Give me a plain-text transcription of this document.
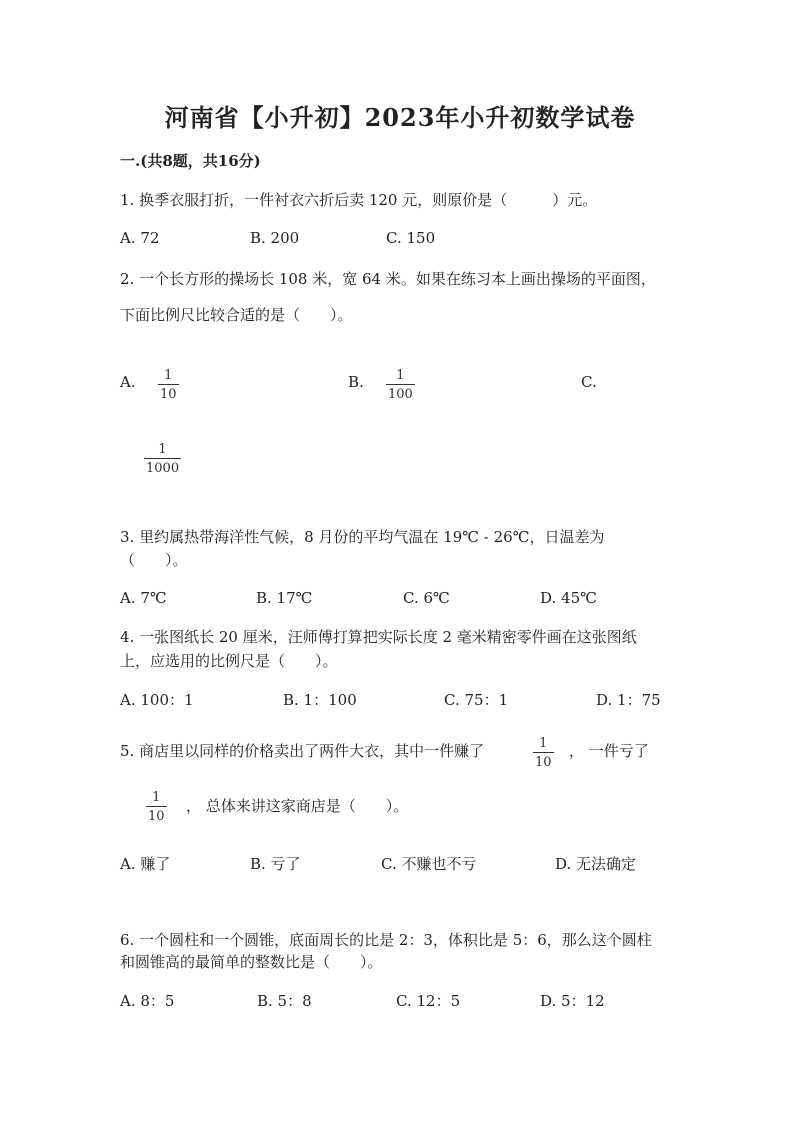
河南省【小升初】2023年小升初数学试卷
一.(共8题，共16分)
1. 换季衣服打折，一件衬衣六折后卖 120 元，则原价是（　　　）元。
A. 72	B. 200	C. 150
2. 一个长方形的操场长 108 米，宽 64 米。如果在练习本上画出操场的平面图，
下面比例尺比较合适的是（　　）。
A. 1
10
B. 1
100
C.
1
1000
3. 里约属热带海洋性气候，8 月份的平均气温在 19℃ - 26℃，日温差为
（　　）。
A. 7℃	B. 17℃	C. 6℃	D. 45℃
4. 一张图纸长 20 厘米，汪师傅打算把实际长度 2 毫米精密零件画在这张图纸
上，应选用的比例尺是（　　）。
A. 100：1	B. 1：100	C. 75：1	D. 1：75
5. 商店里以同样的价格卖出了两件大衣，其中一件赚了	1
10
， 一件亏了
1
10
， 总体来讲这家商店是（　　）。
A. 赚了	B. 亏了	C. 不赚也不亏	D. 无法确定
6. 一个圆柱和一个圆锥，底面周长的比是 2：3，体积比是 5：6，那么这个圆柱
和圆锥高的最简单的整数比是（　　）。
A. 8：5	B. 5：8	C. 12：5	D. 5：12
